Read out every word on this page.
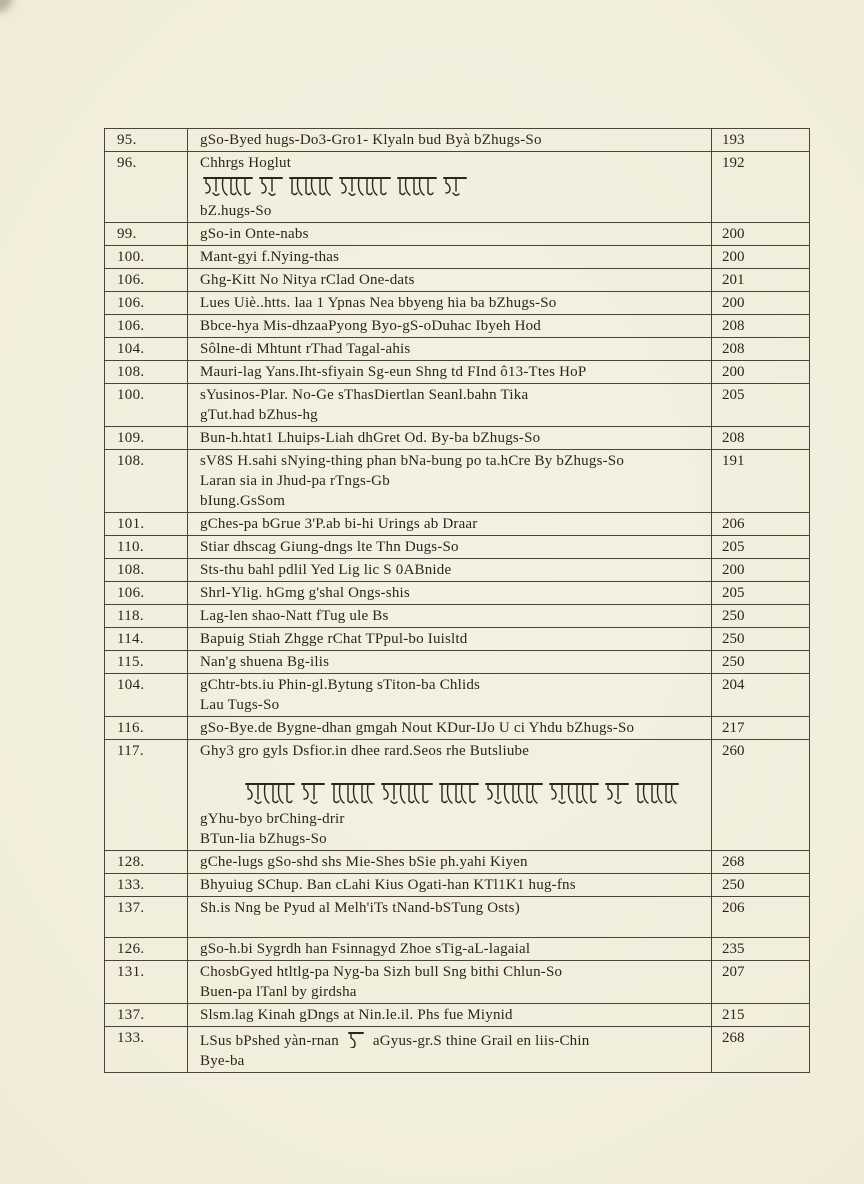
95.	gSo-Byed hugs-Do3-Gro1- Klyaln bud Byà bZhugs-So	193
96.	Chhrgs Hoglut
bZ.hugs-So	192
99.	gSo-in Onte-nabs	200
100.	Mant-gyi f.Nying-thas	200
106.	Ghg-Kitt No Nitya rClad One-dats	201
106.	Lues Uiè..htts. laa 1 Ypnas Nea bbyeng hia ba bZhugs-So	200
106.	Bbce-hya Mis-dhzaaPyong Byo-gS-oDuhac Ibyeh Hod	208
104.	Sôlne-di Mhtunt rThad Tagal-ahis	208
108.	Mauri-lag Yans.Iht-sfiyain Sg-eun Shng td FInd ô13-Ttes HoP	200
100.	sYusinos-Plar. No-Ge sThasDiertlan Seanl.bahn Tika
gTut.had bZhus-hg	205
109.	Bun-h.htat1 Lhuips-Liah dhGret Od. By-ba bZhugs-So	208
108.	sV8S H.sahi sNying-thing phan bNa-bung po ta.hCre By bZhugs-So
Laran sia in Jhud-pa rTngs-Gb
bIung.GsSom	191
101.	gChes-pa bGrue 3'P.ab bi-hi Urings ab Draar	206
110.	Stiar dhscag Giung-dngs lte Thn Dugs-So	205
108.	Sts-thu bahl pdlil Yed Lig lic S 0ABnide	200
106.	Shrl-Ylig. hGmg g'shal Ongs-shis	205
118.	Lag-len shao-Natt fTug ule Bs	250
114.	Bapuig Stiah Zhgge rChat TPpul-bo Iuisltd	250
115.	Nan'g shuena Bg-ilis	250
104.	gChtr-bts.iu Phin-gl.Bytung sTiton-ba Chlids
Lau Tugs-So	204
116.	gSo-Bye.de Bygne-dhan gmgah Nout KDur-IJo U ci Yhdu bZhugs-So	217
117.	Ghy3 gro gyls Dsfior.in dhee rard.Seos rhe Butsliube
gYhu-byo brChing-drir
BTun-lia bZhugs-So	260
128.	gChe-lugs gSo-shd shs Mie-Shes bSie ph.yahi Kiyen	268
133.	Bhyuiug SChup. Ban cLahi Kius Ogati-han KTl1K1 hug-fns	250
137.	Sh.is Nng be Pyud al Melh'iTs tNand-bSTung Osts)	206
126.	gSo-h.bi Sygrdh han Fsinnagyd Zhoe sTig-aL-lagaial	235
131.	ChosbGyed htltlg-pa Nyg-ba Sizh bull Sng bithi Chlun-So
Buen-pa lTanl by girdsha	207
137.	Slsm.lag Kinah gDngs at Nin.le.il. Phs fue Miynid	215
133.	LSus bPshed yàn-rnan
aGyus-gr.S thine Grail en liis-Chin
Bye-ba	268
